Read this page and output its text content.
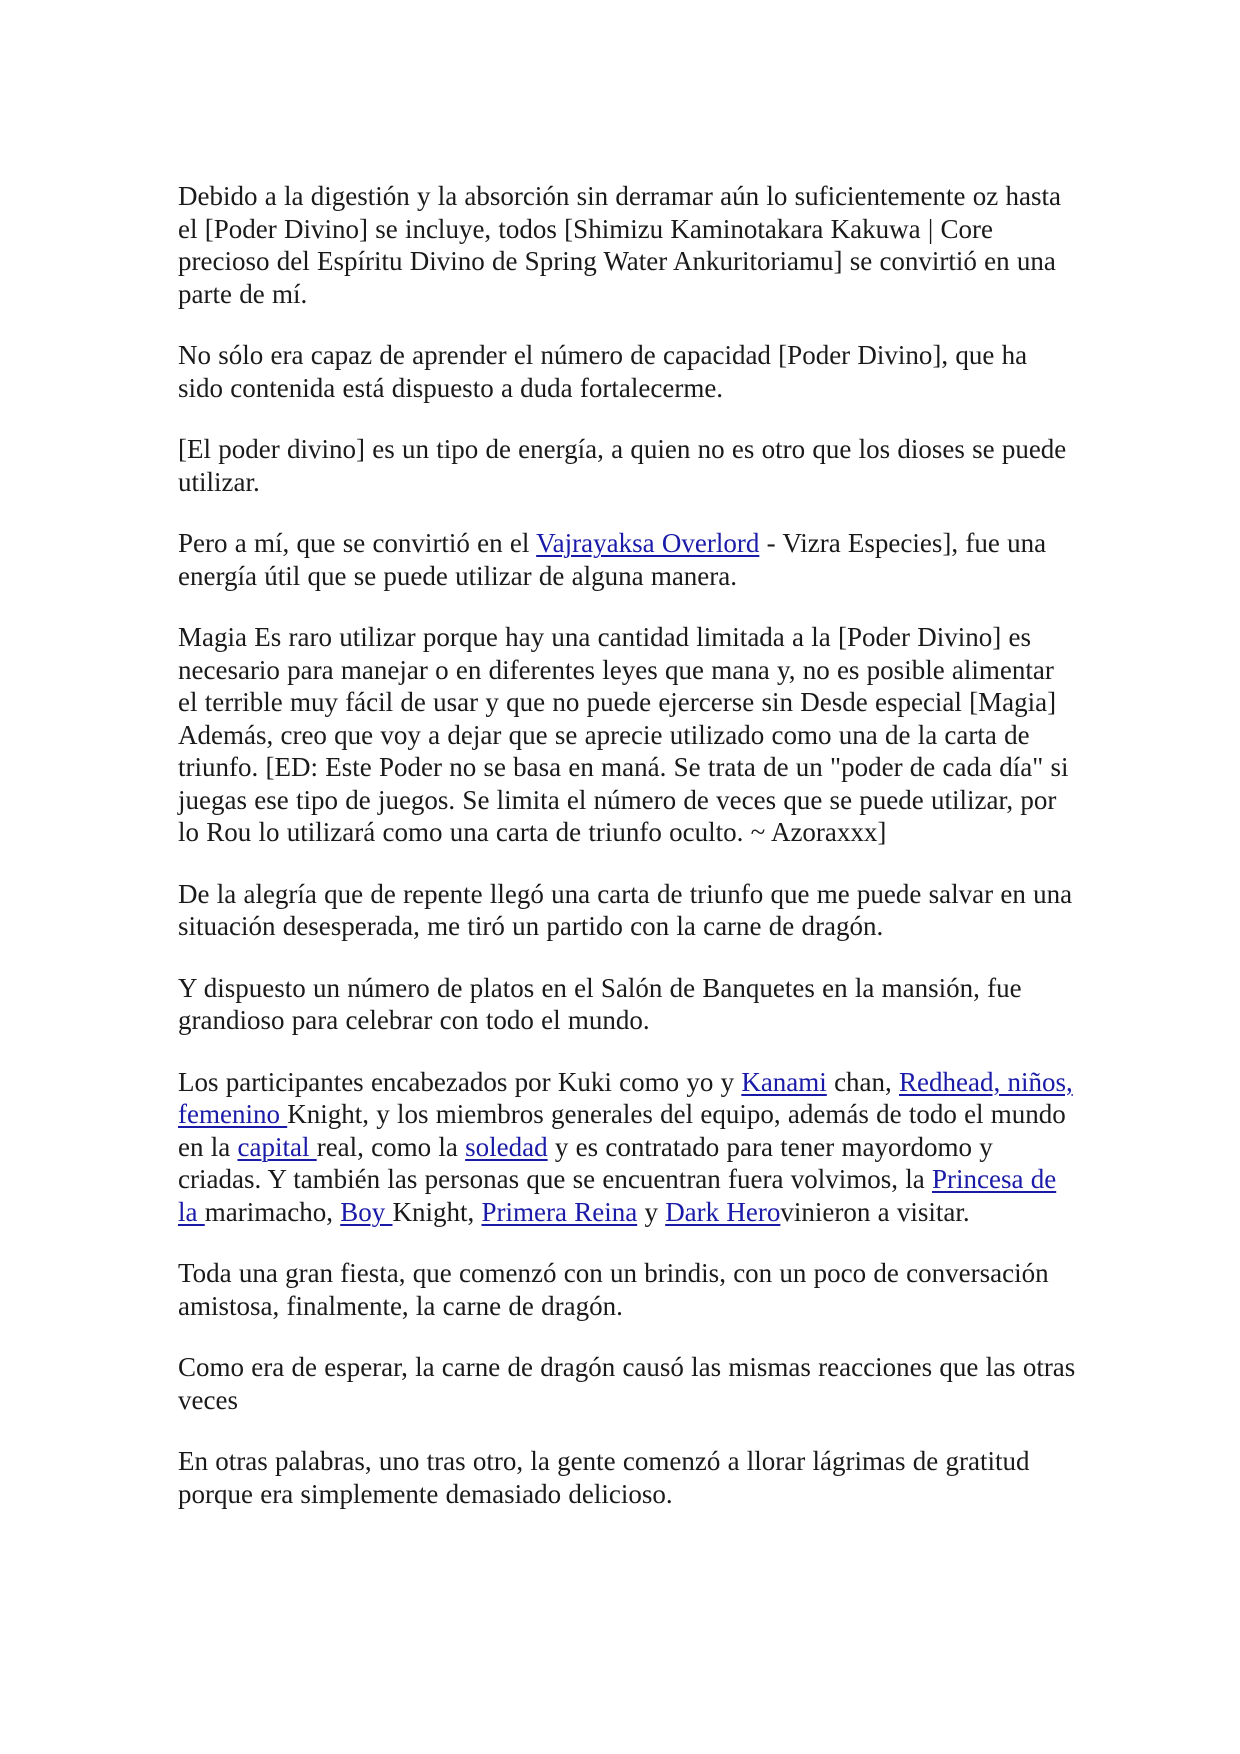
Debido a la digestión y la absorción sin derramar aún lo suficientemente oz hasta el [Poder Divino] se incluye, todos [Shimizu Kaminotakara Kakuwa | Core precioso del Espíritu Divino de Spring Water Ankuritoriamu] se convirtió en una parte de mí.

No sólo era capaz de aprender el número de capacidad [Poder Divino], que ha sido contenida está dispuesto a duda fortalecerme.

[El poder divino] es un tipo de energía, a quien no es otro que los dioses se puede utilizar.

Pero a mí, que se convirtió en el Vajrayaksa Overlord - Vizra Especies], fue una energía útil que se puede utilizar de alguna manera.

Magia Es raro utilizar porque hay una cantidad limitada a la [Poder Divino] es necesario para manejar o en diferentes leyes que mana y, no es posible alimentar el terrible muy fácil de usar y que no puede ejercerse sin Desde especial [Magia] Además, creo que voy a dejar que se aprecie utilizado como una de la carta de triunfo. [ED: Este Poder no se basa en maná. Se trata de un "poder de cada día" si juegas ese tipo de juegos. Se limita el número de veces que se puede utilizar, por lo Rou lo utilizará como una carta de triunfo oculto. ~ Azoraxxx]

De la alegría que de repente llegó una carta de triunfo que me puede salvar en una situación desesperada, me tiró un partido con la carne de dragón.

Y dispuesto un número de platos en el Salón de Banquetes en la mansión, fue grandioso para celebrar con todo el mundo.

Los participantes encabezados por Kuki como yo y Kanami chan, Redhead, niños, femenino Knight, y los miembros generales del equipo, además de todo el mundo en la capital real, como la soledad y es contratado para tener mayordomo y criadas. Y también las personas que se encuentran fuera volvimos, la Princesa de la marimacho, Boy Knight, Primera Reina y Dark Herovinieron a visitar.

Toda una gran fiesta, que comenzó con un brindis, con un poco de conversación amistosa, finalmente, la carne de dragón.

Como era de esperar, la carne de dragón causó las mismas reacciones que las otras veces

En otras palabras, uno tras otro, la gente comenzó a llorar lágrimas de gratitud porque era simplemente demasiado delicioso.
